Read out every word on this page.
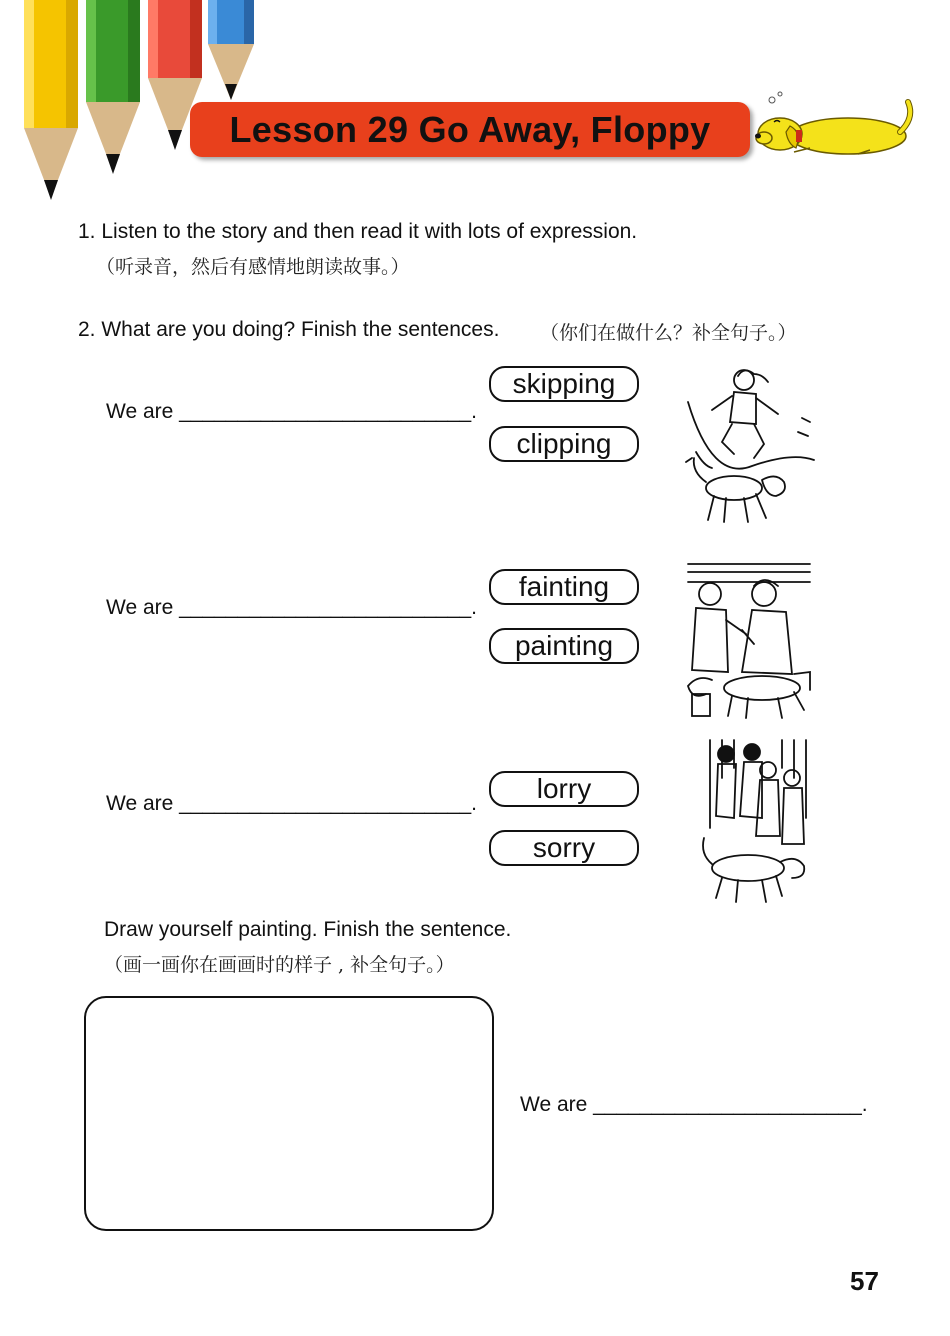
Lesson 29 Go Away, Floppy
1. Listen to the story and then read it with lots of expression.
（听录音，然后有感情地朗读故事。）
2. What are you doing? Finish the sentences. （你们在做什么？补全句子。）
We are _________________________.
skipping
clipping
We are _________________________.
fainting
painting
We are _________________________.	lorry
sorry
Draw yourself painting. Finish the sentence.
（画一画你在画画时的样子 , 补全句子。）
We are _______________________.
57
